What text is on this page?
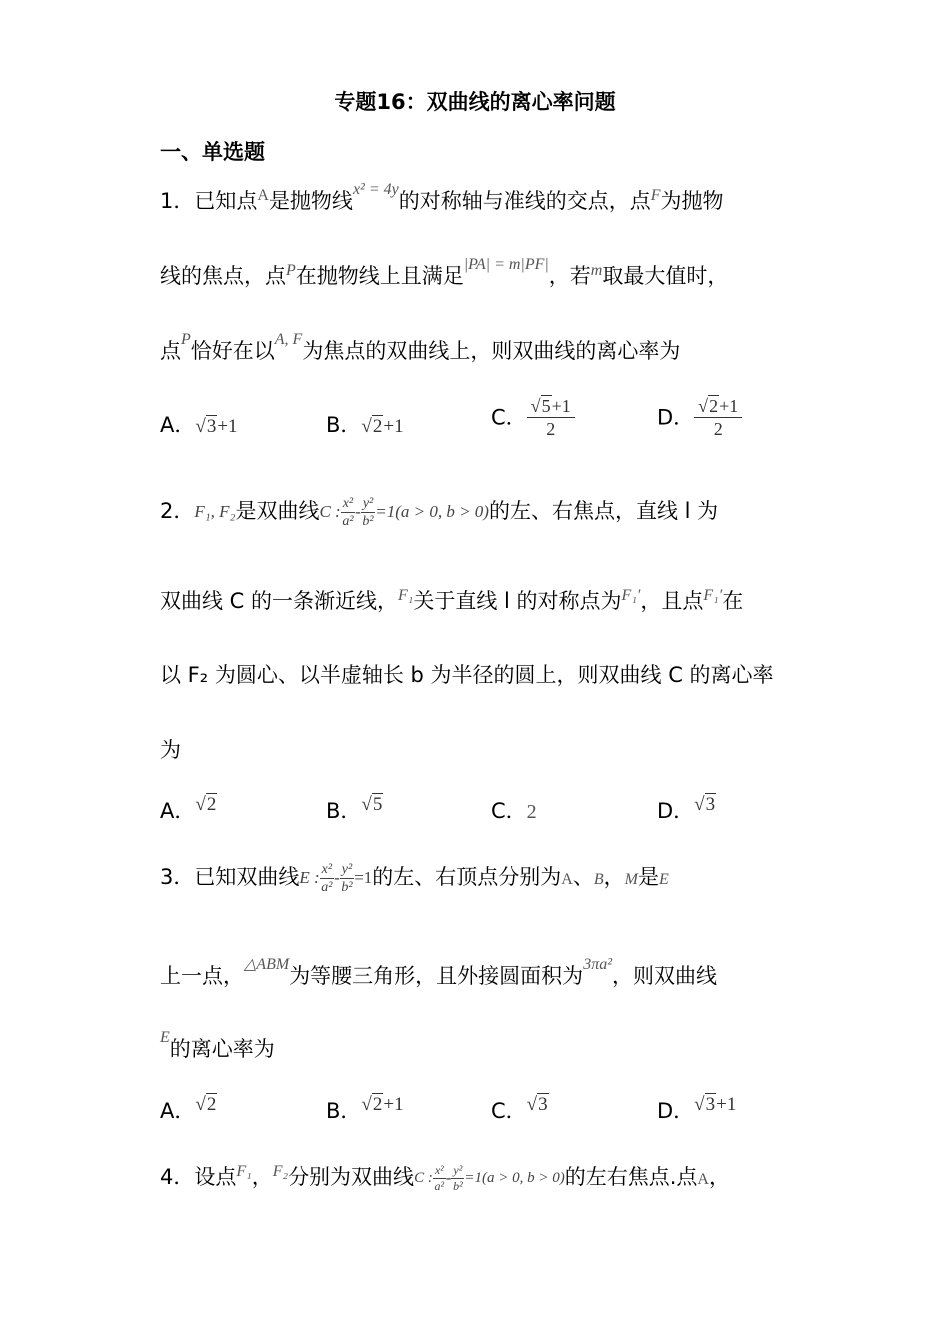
专题16：双曲线的离心率问题
一、单选题
1．已知点$^A$是抛物线$^{x^2 = 4y}$的对称轴与准线的交点，点$^F$为抛物
线的焦点，点$^P$在抛物线上且满足$^{|PA| = m|PF|}$，若$^m$取最大值时，
点$^P$恰好在以$^{A, F}$为焦点的双曲线上，则双曲线的离心率为
A．√3+1	B．√2+1	C． $\frac{√5+1}{2}$	D． $\frac{√2+1}{2}$
2．F₁, F₂是双曲线C : $\frac{\text{x²}}{\text{a²}} - \frac{\text{y²}}{\text{b²}} =1(a > 0$, b > 0)的左、右焦点，直线 l 为
双曲线 C 的一条渐近线，$^{F_1}$关于直线 l 的对称点为$^{F_1'}$，且点$^{F_1'}$在
以 F₂ 为圆心、以半虚轴长 b 为半径的圆上，则双曲线 C 的离心率
为
A．√2	B．√5	C．2	D．√3
3．已知双曲线E : $\frac{\text{x²}}{\text{a²}} - \frac{\text{y²}}{\text{b²}} =1$的左、右顶点分别为A、B，M是E
上一点，$^{\triangle ABM}$为等腰三角形，且外接圆面积为$^{3\pi a^2}$，则双曲线
$^E$的离心率为
A．√2	B．√2+1	C．√3	D．√3+1
4．设点$^{F_1}$，$^{F_2}$分别为双曲线C : $\frac{\text{x²}}{\text{a²}} - \frac{\text{y²}}{\text{b²}} =1(a > 0$, b > 0)的左右焦点.点A，
